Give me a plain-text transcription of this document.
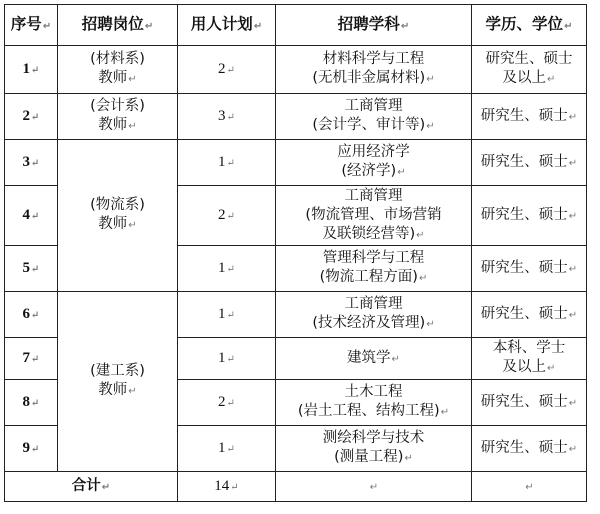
序号↵	招聘岗位↵	用人计划↵	招聘学科↵	学历、学位↵
1↵	(材料系)
教师↵	2↵	材料科学与工程
(无机非金属材料)↵	研究生、硕士
及以上↵
2↵	(会计系)
教师↵	3↵	工商管理
(会计学、审计等)↵	研究生、硕士↵
3↵	(物流系)
教师↵	1↵	应用经济学
(经济学)↵	研究生、硕士↵
4↵		2↵	工商管理
(物流管理、市场营销
及联锁经营等)↵	研究生、硕士↵
5↵		1↵	管理科学与工程
(物流工程方面)↵	研究生、硕士↵
6↵	(建工系)
教师↵	1↵	工商管理
(技术经济及管理)↵	研究生、硕士↵
7↵		1↵	建筑学↵	本科、学士
及以上↵
8↵		2↵	土木工程
(岩土工程、结构工程)↵	研究生、硕士↵
9↵		1↵	测绘科学与技术
(测量工程)↵	研究生、硕士↵
合计↵		14↵	↵	↵
